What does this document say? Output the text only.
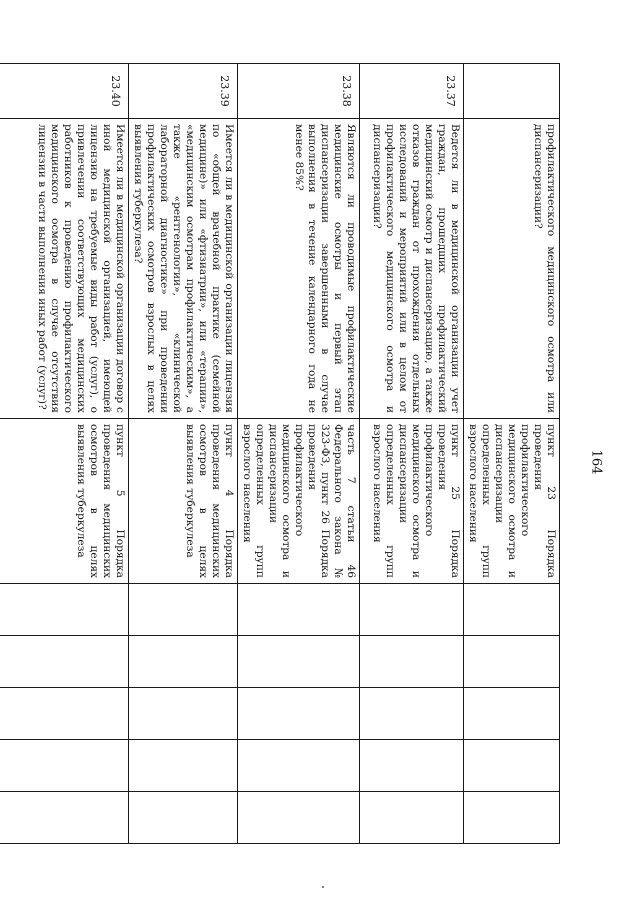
164
	профилактического медицинского осмотра или диспансеризации?	пункт 23 Порядка проведения профилактического медицинского осмотра и диспансеризации определенных групп взрослого населения					
23.37	Ведется ли в медицинской организации учет граждан, прошедших профилактический медицинский осмотр и диспансеризацию, а также отказов граждан от прохождения отдельных исследований и мероприятий или в целом от профилактического медицинского осмотра и диспансеризации?	пункт 25 Порядка проведения профилактического медицинского осмотра и диспансеризации определенных групп взрослого населения					
23.38	Являются ли проводимые профилактические медицинские осмотры и первый этап диспансеризации завершенными в случае выполнения в течение календарного года не менее 85%?	часть 7 статьи 46 Федерального закона № 323-ФЗ, пункт 26 Порядка проведения профилактического медицинского осмотра и диспансеризации определенных групп взрослого населения					
23.39	Имеется ли в медицинской организации лицензия по «общей врачебной практике (семейной медицине)» или «фтизиатрии», или «терапии», «медицинским осмотрам профилактическим», а также «рентгенологии», «клинической лабораторной диагностике» при проведении профилактических осмотров взрослых в целях выявления туберкулеза?	пункт 4 Порядка проведения медицинских осмотров в целях выявления туберкулеза					
23.40	Имеется ли в медицинской организации договор с иной медицинской организацией, имеющей лицензию на требуемые виды работ (услуг), о привлечении соответствующих медицинских работников к проведению профилактического медицинского осмотра в случае отсутствия лицензии в части выполнения иных работ (услуг)?	пункт 5 Порядка проведения медицинских осмотров в целях выявления туберкулеза					
